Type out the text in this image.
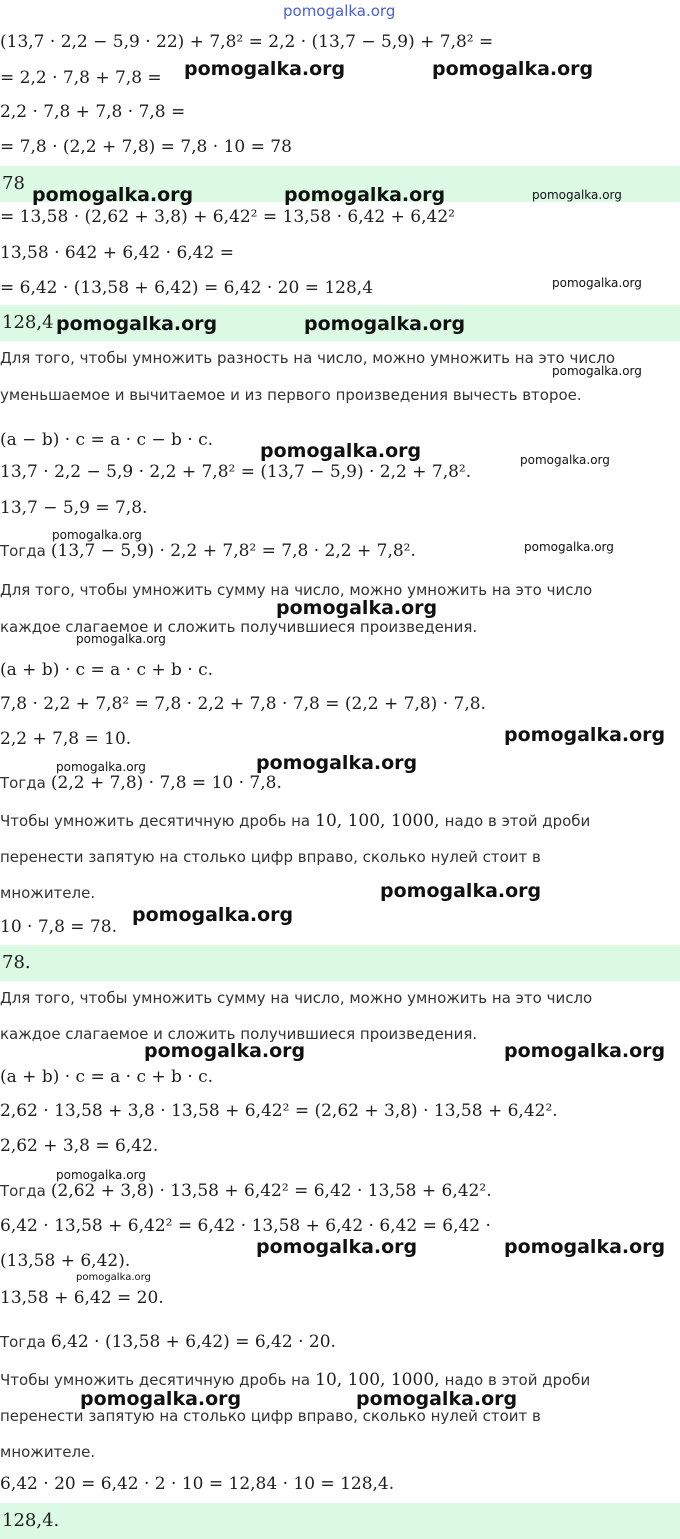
78
128,4
78.
128,4.
(13,7 · 2,2 − 5,9 · 22) + 7,8² = 2,2 · (13,7 − 5,9) + 7,8² =
= 2,2 · 7,8 + 7,8 =
2,2 · 7,8 + 7,8 · 7,8 =
= 7,8 · (2,2 + 7,8) = 7,8 · 10 = 78
= 13,58 · (2,62 + 3,8) + 6,42² = 13,58 · 6,42 + 6,42²
13,58 · 642 + 6,42 · 6,42 =
= 6,42 · (13,58 + 6,42) = 6,42 · 20 = 128,4
Для того, чтобы умножить разность на число, можно умножить на это число
уменьшаемое и вычитаемое и из первого произведения вычесть второе.
(a − b) · c = a · c − b · c.
13,7 · 2,2 − 5,9 · 2,2 + 7,8² = (13,7 − 5,9) · 2,2 + 7,8².
13,7 − 5,9 = 7,8.
Тогда (13,7 − 5,9) · 2,2 + 7,8² = 7,8 · 2,2 + 7,8².
Для того, чтобы умножить сумму на число, можно умножить на это число
каждое слагаемое и сложить получившиеся произведения.
(a + b) · c = a · c + b · c.
7,8 · 2,2 + 7,8² = 7,8 · 2,2 + 7,8 · 7,8 = (2,2 + 7,8) · 7,8.
2,2 + 7,8 = 10.
Тогда (2,2 + 7,8) · 7,8 = 10 · 7,8.
Чтобы умножить десятичную дробь на 10, 100, 1000, надо в этой дроби
перенести запятую на столько цифр вправо, сколько нулей стоит в
множителе.
10 · 7,8 = 78.
Для того, чтобы умножить сумму на число, можно умножить на это число
каждое слагаемое и сложить получившиеся произведения.
(a + b) · c = a · c + b · c.
2,62 · 13,58 + 3,8 · 13,58 + 6,42² = (2,62 + 3,8) · 13,58 + 6,42².
2,62 + 3,8 = 6,42.
Тогда (2,62 + 3,8) · 13,58 + 6,42² = 6,42 · 13,58 + 6,42².
6,42 · 13,58 + 6,42² = 6,42 · 13,58 + 6,42 · 6,42 = 6,42 ·
(13,58 + 6,42).
13,58 + 6,42 = 20.
Тогда 6,42 · (13,58 + 6,42) = 6,42 · 20.
Чтобы умножить десятичную дробь на 10, 100, 1000, надо в этой дроби
перенести запятую на столько цифр вправо, сколько нулей стоит в
множителе.
6,42 · 20 = 6,42 · 2 · 10 = 12,84 · 10 = 128,4.
pomogalka.org
pomogalka.org	pomogalka.org
pomogalka.org	pomogalka.org	pomogalka.org
pomogalka.org
pomogalka.org	pomogalka.org
pomogalka.org
pomogalka.org	pomogalka.org
pomogalka.org
pomogalka.org
pomogalka.org
pomogalka.org
pomogalka.org
pomogalka.org
pomogalka.org
pomogalka.org
pomogalka.org
pomogalka.org	pomogalka.org
pomogalka.org
pomogalka.org	pomogalka.org
pomogalka.org
pomogalka.org	pomogalka.org
